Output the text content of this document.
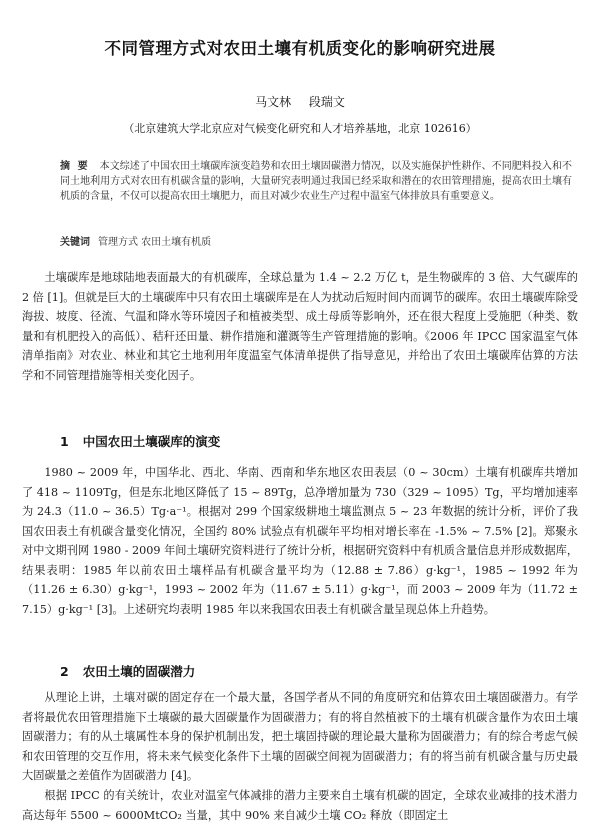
不同管理方式对农田土壤有机质变化的影响研究进展
马文林 段瑞文
（北京建筑大学北京应对气候变化研究和人才培养基地，北京 102616）
摘 要 本文综述了中国农田土壤碳库演变趋势和农田土壤固碳潜力情况，以及实施保护性耕作、不同肥料投入和不同土地利用方式对农田有机碳含量的影响，大量研究表明通过我国已经采取和潜在的农田管理措施，提高农田土壤有机质的含量，不仅可以提高农田土壤肥力，而且对减少农业生产过程中温室气体排放具有重要意义。
关键词 管理方式 农田土壤有机质
土壤碳库是地球陆地表面最大的有机碳库，全球总量为 1.4 ~ 2.2 万亿 t，是生物碳库的 3 倍、大气碳库的 2 倍 [1]。但就是巨大的土壤碳库中只有农田土壤碳库是在人为扰动后短时间内而调节的碳库。农田土壤碳库除受海拔、坡度、径流、气温和降水等环境因子和植被类型、成土母质等影响外，还在很大程度上受施肥（种类、数量和有机肥投入的高低）、秸秆还田量、耕作措施和灌溉等生产管理措施的影响。《2006 年 IPCC 国家温室气体清单指南》对农业、林业和其它土地利用年度温室气体清单提供了指导意见，并给出了农田土壤碳库估算的方法学和不同管理措施等相关变化因子。
1 中国农田土壤碳库的演变
1980 ~ 2009 年，中国华北、西北、华南、西南和华东地区农田表层（0 ~ 30cm）土壤有机碳库共增加了 418 ~ 1109Tg，但是东北地区降低了 15 ~ 89Tg，总净增加量为 730（329 ~ 1095）Tg，平均增加速率为 24.3（11.0 ~ 36.5）Tg·a⁻¹。根据对 299 个国家级耕地土壤监测点 5 ~ 23 年数据的统计分析，评价了我国农田表土有机碳含量变化情况，全国约 80% 试验点有机碳年平均相对增长率在 -1.5% ~ 7.5% [2]。郑聚永对中文期刊网 1980 - 2009 年间土壤研究资料进行了统计分析，根据研究资料中有机质含量信息并形成数据库，结果表明：1985 年以前农田土壤样品有机碳含量平均为（12.88 ± 7.86）g·kg⁻¹，1985 ~ 1992 年为（11.26 ± 6.30）g·kg⁻¹，1993 ~ 2002 年为（11.67 ± 5.11）g·kg⁻¹，而 2003 ~ 2009 年为（11.72 ± 7.15）g·kg⁻¹ [3]。上述研究均表明 1985 年以来我国农田表土有机碳含量呈现总体上升趋势。
2 农田土壤的固碳潜力
从理论上讲，土壤对碳的固定存在一个最大量，各国学者从不同的角度研究和估算农田土壤固碳潜力。有学者将最优农田管理措施下土壤碳的最大固碳量作为固碳潜力；有的将自然植被下的土壤有机碳含量作为农田土壤固碳潜力；有的从土壤属性本身的保护机制出发，把土壤固持碳的理论最大量称为固碳潜力；有的综合考虑气候和农田管理的交互作用，将未来气候变化条件下土壤的固碳空间视为固碳潜力；有的将当前有机碳含量与历史最大固碳量之差值作为固碳潜力 [4]。
根据 IPCC 的有关统计，农业对温室气体减排的潜力主要来自土壤有机碳的固定，全球农业减排的技术潜力高达每年 5500 ~ 6000MtCO₂ 当量，其中 90% 来自减少土壤 CO₂ 释放（即固定土
